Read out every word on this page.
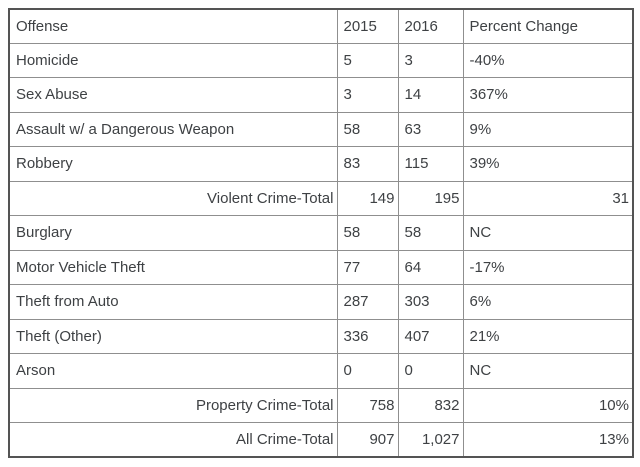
Offense	2015	2016	Percent Change
Homicide	5	3	-40%
Sex Abuse	3	14	367%
Assault w/ a Dangerous Weapon	58	63	9%
Robbery	83	115	39%
Violent Crime-Total	149	195	31
Burglary	58	58	NC
Motor Vehicle Theft	77	64	-17%
Theft from Auto	287	303	6%
Theft (Other)	336	407	21%
Arson	0	0	NC
Property Crime-Total	758	832	10%
All Crime-Total	907	1,027	13%
